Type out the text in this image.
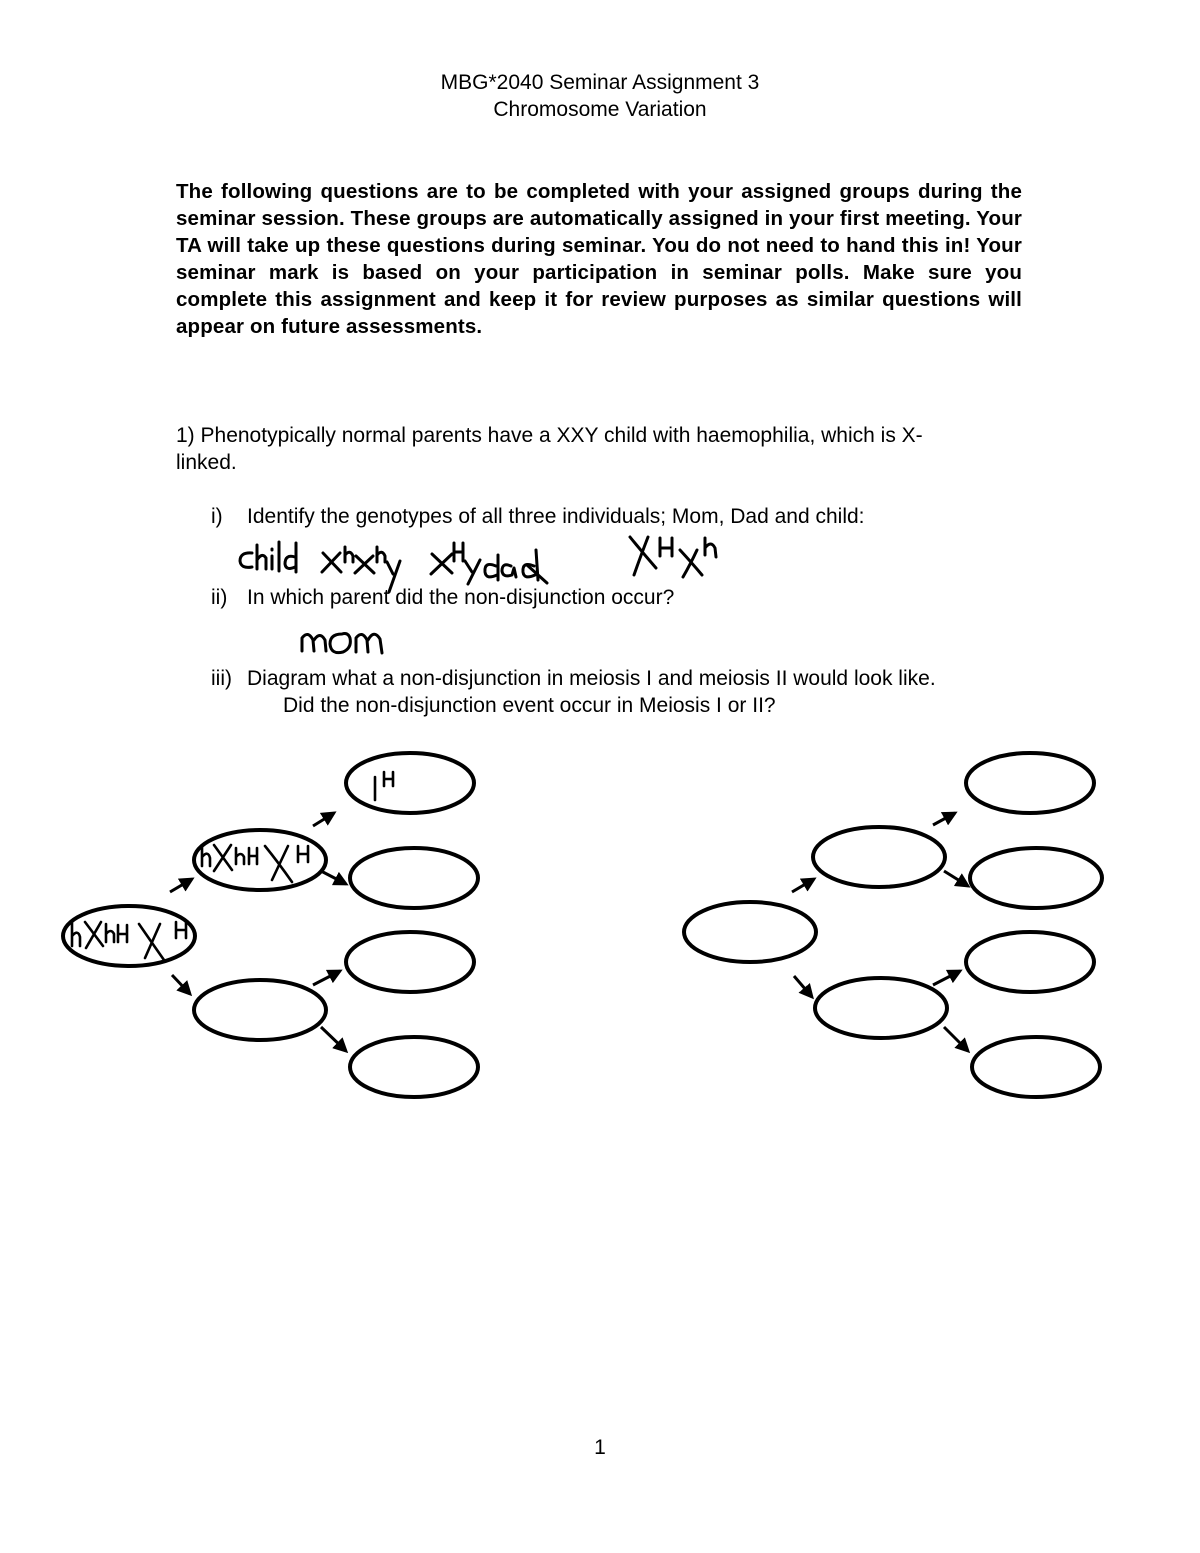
MBG*2040 Seminar Assignment 3
Chromosome Variation
The following questions are to be completed with your assigned groups during the seminar session. These groups are automatically assigned in your first meeting. Your TA will take up these questions during seminar. You do not need to hand this in! Your seminar mark is based on your participation in seminar polls. Make sure you complete this assignment and keep it for review purposes as similar questions will appear on future assessments.
1) Phenotypically normal parents have a XXY child with haemophilia, which is X-
linked.
i) Identify the genotypes of all three individuals; Mom, Dad and child:
ii) In which parent did the non-disjunction occur?
iii) Diagram what a non-disjunction in meiosis I and meiosis II would look like.
Did the non-disjunction event occur in Meiosis I or II?
1
